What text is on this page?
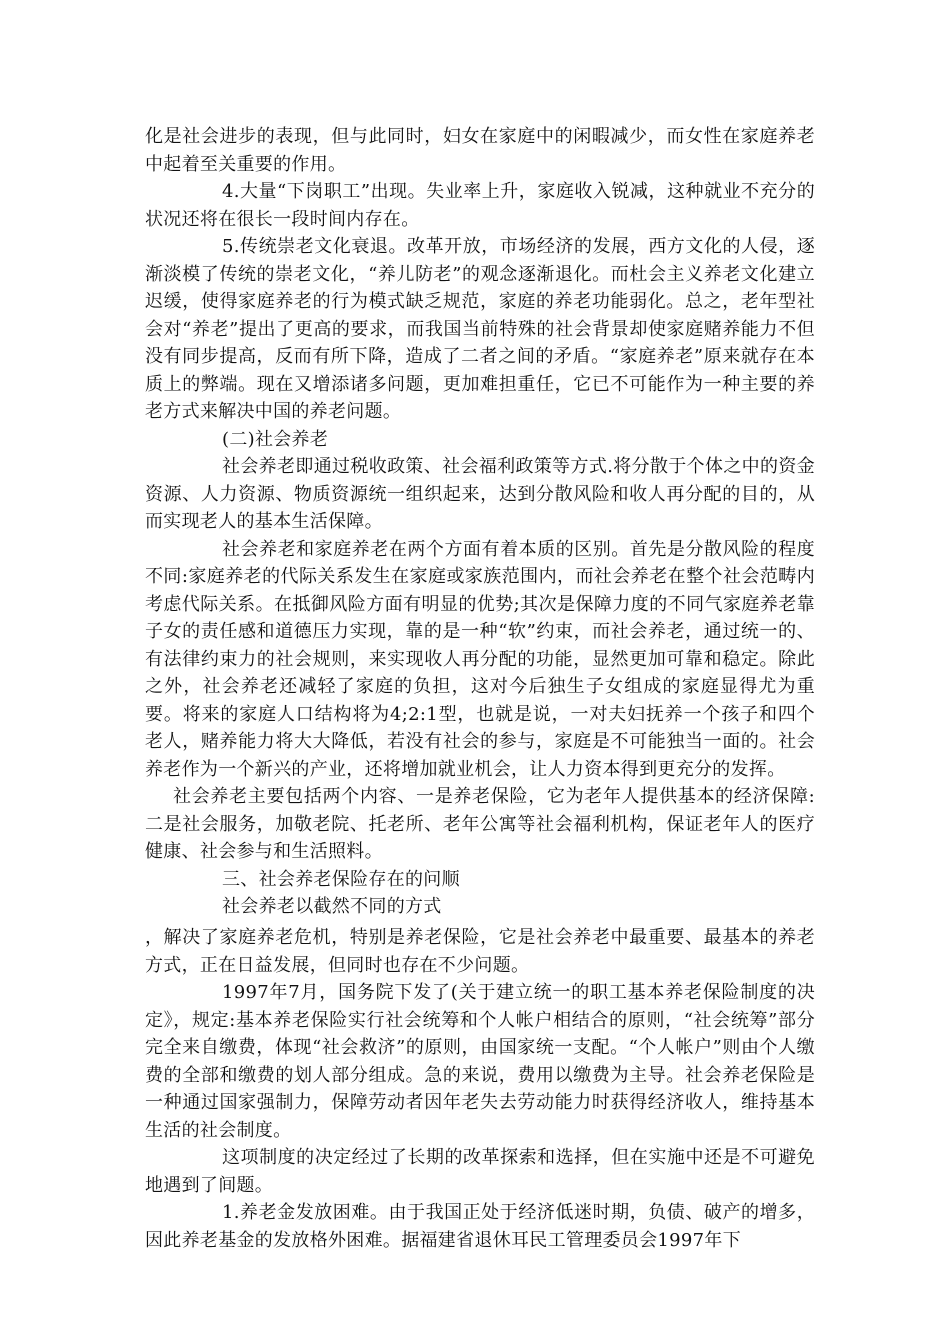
化是社会进步的表现，但与此同时，妇女在家庭中的闲暇减少，而女性在家庭养老中起着至关重要的作用。

4.大量“下岗职工”出现。失业率上升，家庭收入锐减，这种就业不充分的状况还将在很长一段时间内存在。

5.传统崇老文化衰退。改革开放，市场经济的发展，西方文化的人侵，逐渐淡模了传统的崇老文化，“养儿防老”的观念逐渐退化。而杜会主义养老文化建立迟缓，使得家庭养老的行为模式缺乏规范，家庭的养老功能弱化。总之，老年型社会对“养老”提出了更高的要求，而我国当前特殊的社会背景却使家庭赌养能力不但没有同步提高，反而有所下降，造成了二者之间的矛盾。“家庭养老”原来就存在本质上的弊端。现在又增添诸多问题，更加难担重任，它已不可能作为一种主要的养老方式来解决中国的养老问题。

(二)社会养老

社会养老即通过税收政策、社会福利政策等方式.将分散于个体之中的资金资源、人力资源、物质资源统一组织起来，达到分散风险和收人再分配的目的，从而实现老人的基本生活保障。

社会养老和家庭养老在两个方面有着本质的区别。首先是分散风险的程度不同:家庭养老的代际关系发生在家庭或家族范围内，而社会养老在整个社会范畴内考虑代际关系。在抵御风险方面有明显的优势;其次是保障力度的不同气家庭养老靠子女的责任感和道德压力实现，靠的是一种“软”约束，而社会养老，通过统一的、有法律约束力的社会规则，来实现收人再分配的功能，显然更加可靠和稳定。除此之外，社会养老还减轻了家庭的负担，这对今后独生子女组成的家庭显得尤为重要。将来的家庭人口结构将为4;2:1型，也就是说，一对夫妇抚养一个孩子和四个老人，赌养能力将大大降低，若没有社会的参与，家庭是不可能独当一面的。社会养老作为一个新兴的产业，还将增加就业机会，让人力资本得到更充分的发挥。

社会养老主要包括两个内容、一是养老保险，它为老年人提供基本的经济保障:二是社会服务，加敬老院、托老所、老年公寓等社会福利机构，保证老年人的医疗健康、社会参与和生活照料。

三、社会养老保险存在的问顺

社会养老以截然不同的方式

，解决了家庭养老危机，特别是养老保险，它是社会养老中最重要、最基本的养老方式，正在日益发展，但同时也存在不少问题。

1997年7月，国务院下发了(关于建立统一的职工基本养老保险制度的决定》，规定:基本养老保险实行社会统筹和个人帐户相结合的原则，“社会统筹”部分完全来自缴费，体现“社会救济”的原则，由国家统一支配。“个人帐户”则由个人缴费的全部和缴费的划人部分组成。急的来说，费用以缴费为主导。社会养老保险是一种通过国家强制力，保障劳动者因年老失去劳动能力时获得经济收人，维持基本生活的社会制度。

这项制度的决定经过了长期的改革探索和选择，但在实施中还是不可避免地遇到了间题。

1.养老金发放困难。由于我国正处于经济低迷时期，负债、破产的增多，因此养老基金的发放格外困难。据福建省退休耳民工管理委员会1997年下
